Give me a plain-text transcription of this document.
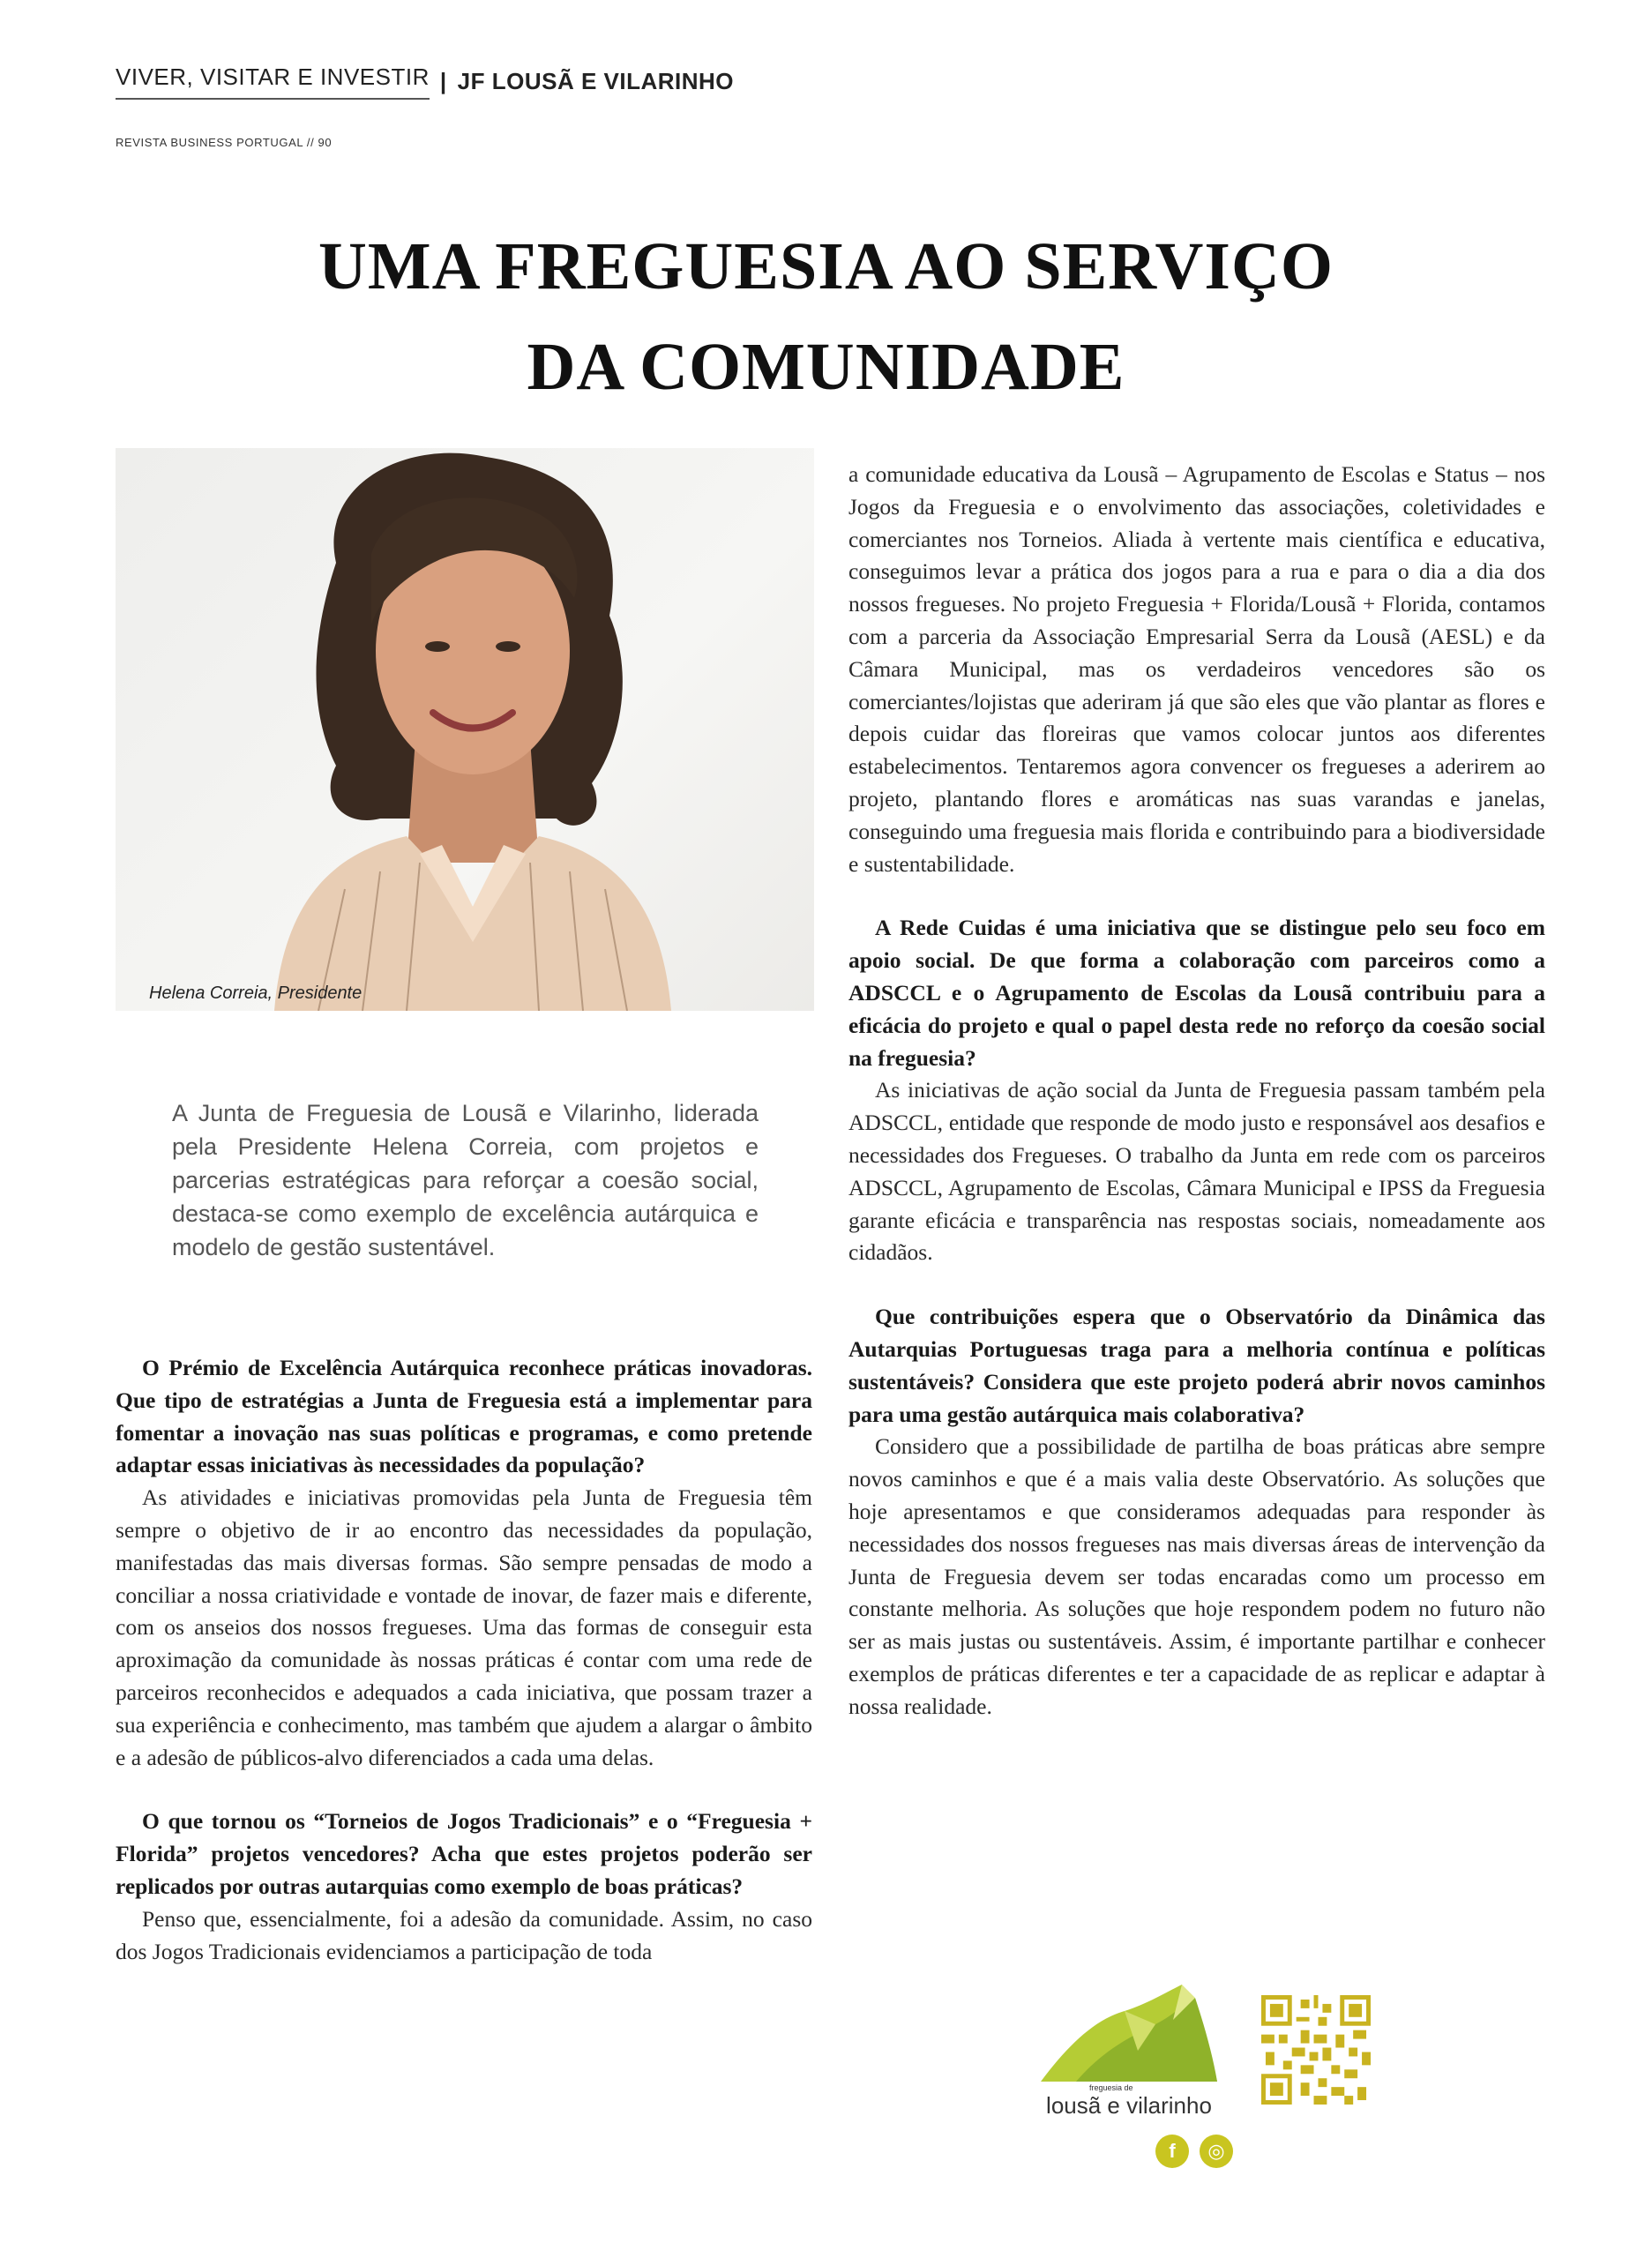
VIVER, VISITAR E INVESTIR | JF LOUSÃ E VILARINHO
REVISTA BUSINESS PORTUGAL // 90
UMA FREGUESIA AO SERVIÇO
DA COMUNIDADE
Helena Correia, Presidente
A Junta de Freguesia de Lousã e Vilarinho, liderada pela Presidente Helena Correia, com projetos e parcerias estratégicas para reforçar a coesão social, destaca-se como exemplo de excelência autárquica e modelo de gestão sustentável.

O Prémio de Excelência Autárquica reconhece práticas inovadoras. Que tipo de estratégias a Junta de Freguesia está a implementar para fomentar a inovação nas suas políticas e programas, e como pretende adaptar essas iniciativas às necessidades da população?

As atividades e iniciativas promovidas pela Junta de Freguesia têm sempre o objetivo de ir ao encontro das necessidades da população, manifestadas das mais diversas formas. São sempre pensadas de modo a conciliar a nossa criatividade e vontade de inovar, de fazer mais e diferente, com os anseios dos nossos fregueses. Uma das formas de conseguir esta aproximação da comunidade às nossas práticas é contar com uma rede de parceiros reconhecidos e adequados a cada iniciativa, que possam trazer a sua experiência e conhecimento, mas também que ajudem a alargar o âmbito e a adesão de públicos-alvo diferenciados a cada uma delas.

O que tornou os “Torneios de Jogos Tradicionais” e o “Freguesia + Florida” projetos vencedores? Acha que estes projetos poderão ser replicados por outras autarquias como exemplo de boas práticas?

Penso que, essencialmente, foi a adesão da comunidade. Assim, no caso dos Jogos Tradicionais evidenciamos a participação de toda

a comunidade educativa da Lousã – Agrupamento de Escolas e Status – nos Jogos da Freguesia e o envolvimento das associações, coletividades e comerciantes nos Torneios. Aliada à vertente mais científica e educativa, conseguimos levar a prática dos jogos para a rua e para o dia a dia dos nossos fregueses. No projeto Freguesia + Florida/Lousã + Florida, contamos com a parceria da Associação Empresarial Serra da Lousã (AESL) e da Câmara Municipal, mas os verdadeiros vencedores são os comerciantes/lojistas que aderiram já que são eles que vão plantar as flores e depois cuidar das floreiras que vamos colocar juntos aos diferentes estabelecimentos. Tentaremos agora convencer os fregueses a aderirem ao projeto, plantando flores e aromáticas nas suas varandas e janelas, conseguindo uma freguesia mais florida e contribuindo para a biodiversidade e sustentabilidade.

A Rede Cuidas é uma iniciativa que se distingue pelo seu foco em apoio social. De que forma a colaboração com parceiros como a ADSCCL e o Agrupamento de Escolas da Lousã contribuiu para a eficácia do projeto e qual o papel desta rede no reforço da coesão social na freguesia?

As iniciativas de ação social da Junta de Freguesia passam também pela ADSCCL, entidade que responde de modo justo e responsável aos desafios e necessidades dos Fregueses. O trabalho da Junta em rede com os parceiros ADSCCL, Agrupamento de Escolas, Câmara Municipal e IPSS da Freguesia garante eficácia e transparência nas respostas sociais, nomeadamente aos cidadãos.

Que contribuições espera que o Observatório da Dinâmica das Autarquias Portuguesas traga para a melhoria contínua e políticas sustentáveis? Considera que este projeto poderá abrir novos caminhos para uma gestão autárquica mais colaborativa?

Considero que a possibilidade de partilha de boas práticas abre sempre novos caminhos e que é a mais valia deste Observatório. As soluções que hoje apresentamos e que consideramos adequadas para responder às necessidades dos nossos fregueses nas mais diversas áreas de intervenção da Junta de Freguesia devem ser todas encaradas como um processo em constante melhoria. As soluções que hoje respondem podem no futuro não ser as mais justas ou sustentáveis. Assim, é importante partilhar e conhecer exemplos de práticas diferentes e ter a capacidade de as replicar e adaptar à nossa realidade.

freguesia de
lousã e vilarinho
f	◎
